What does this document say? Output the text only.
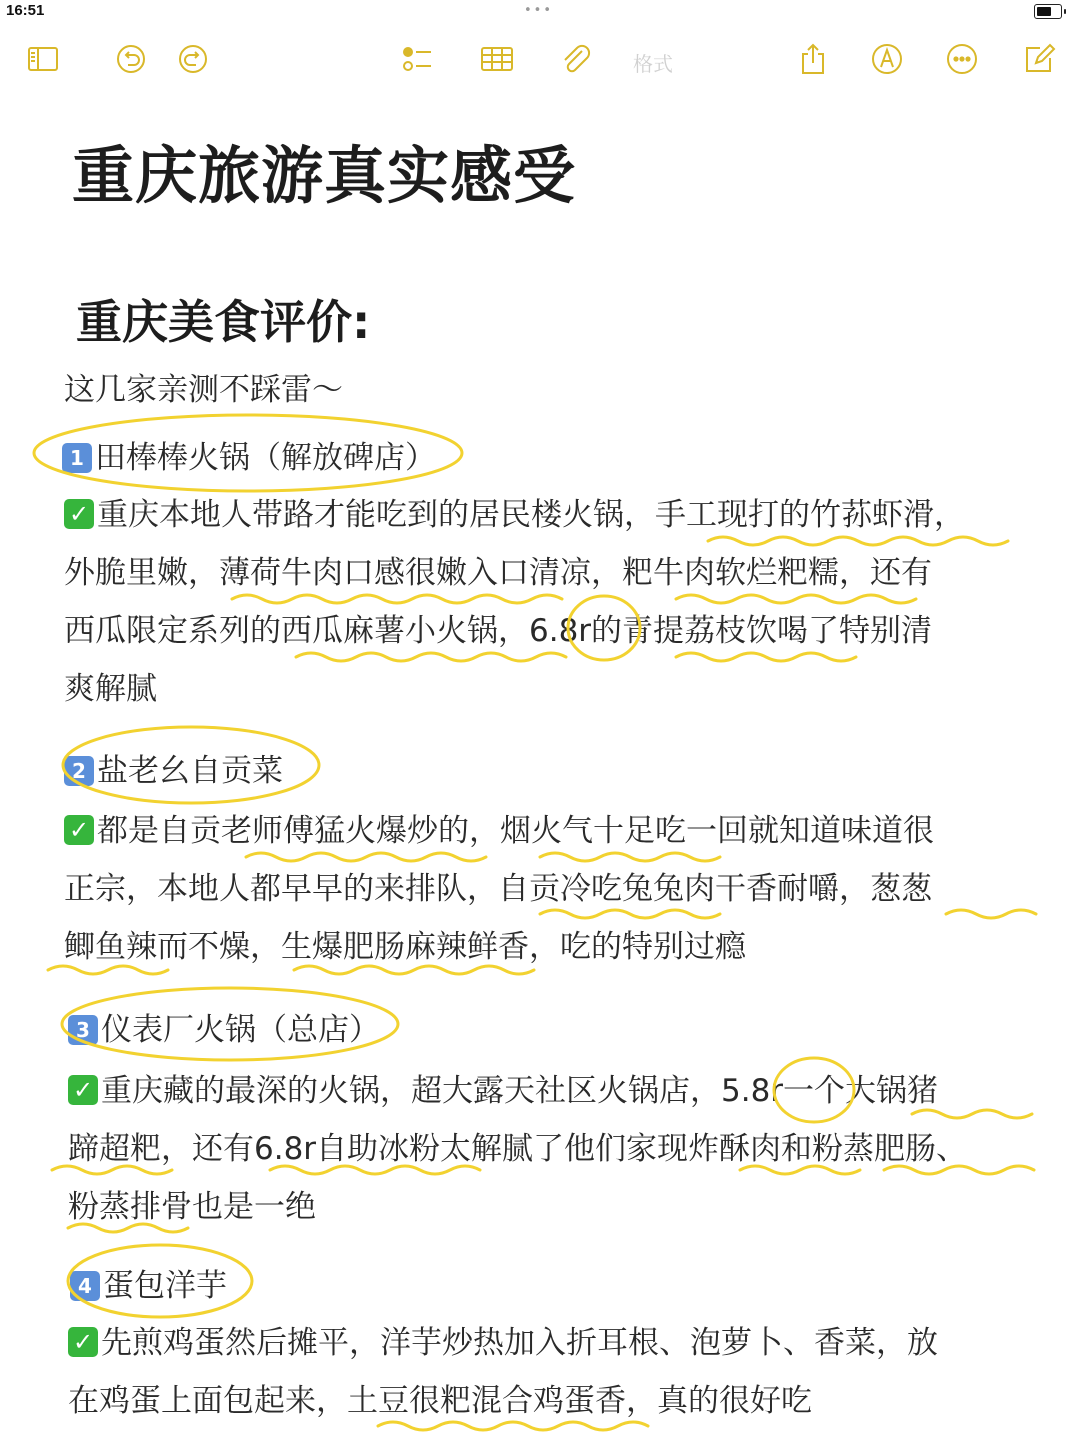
16:51	•••
格式
重庆旅游真实感受
重庆美食评价:
这几家亲测不踩雷～
1 田棒棒火锅（解放碑店）
✓ 重庆本地人带路才能吃到的居民楼火锅，手工现打的竹荪虾滑，
外脆里嫩，薄荷牛肉口感很嫩入口清凉，粑牛肉软烂粑糯，还有
西瓜限定系列的西瓜麻薯小火锅，6.8r的青提荔枝饮喝了特别清
爽解腻
2 盐老幺自贡菜
✓ 都是自贡老师傅猛火爆炒的，烟火气十足吃一回就知道味道很
正宗，本地人都早早的来排队，自贡冷吃兔兔肉干香耐嚼，葱葱
鲫鱼辣而不燥，生爆肥肠麻辣鲜香，吃的特别过瘾
3 仪表厂火锅（总店）
✓ 重庆藏的最深的火锅，超大露天社区火锅店，5.8r一个大锅猪
蹄超粑，还有6.8r自助冰粉太解腻了他们家现炸酥肉和粉蒸肥肠、
粉蒸排骨也是一绝
4 蛋包洋芋
✓ 先煎鸡蛋然后摊平，洋芋炒热加入折耳根、泡萝卜、香菜，放
在鸡蛋上面包起来，土豆很粑混合鸡蛋香，真的很好吃
